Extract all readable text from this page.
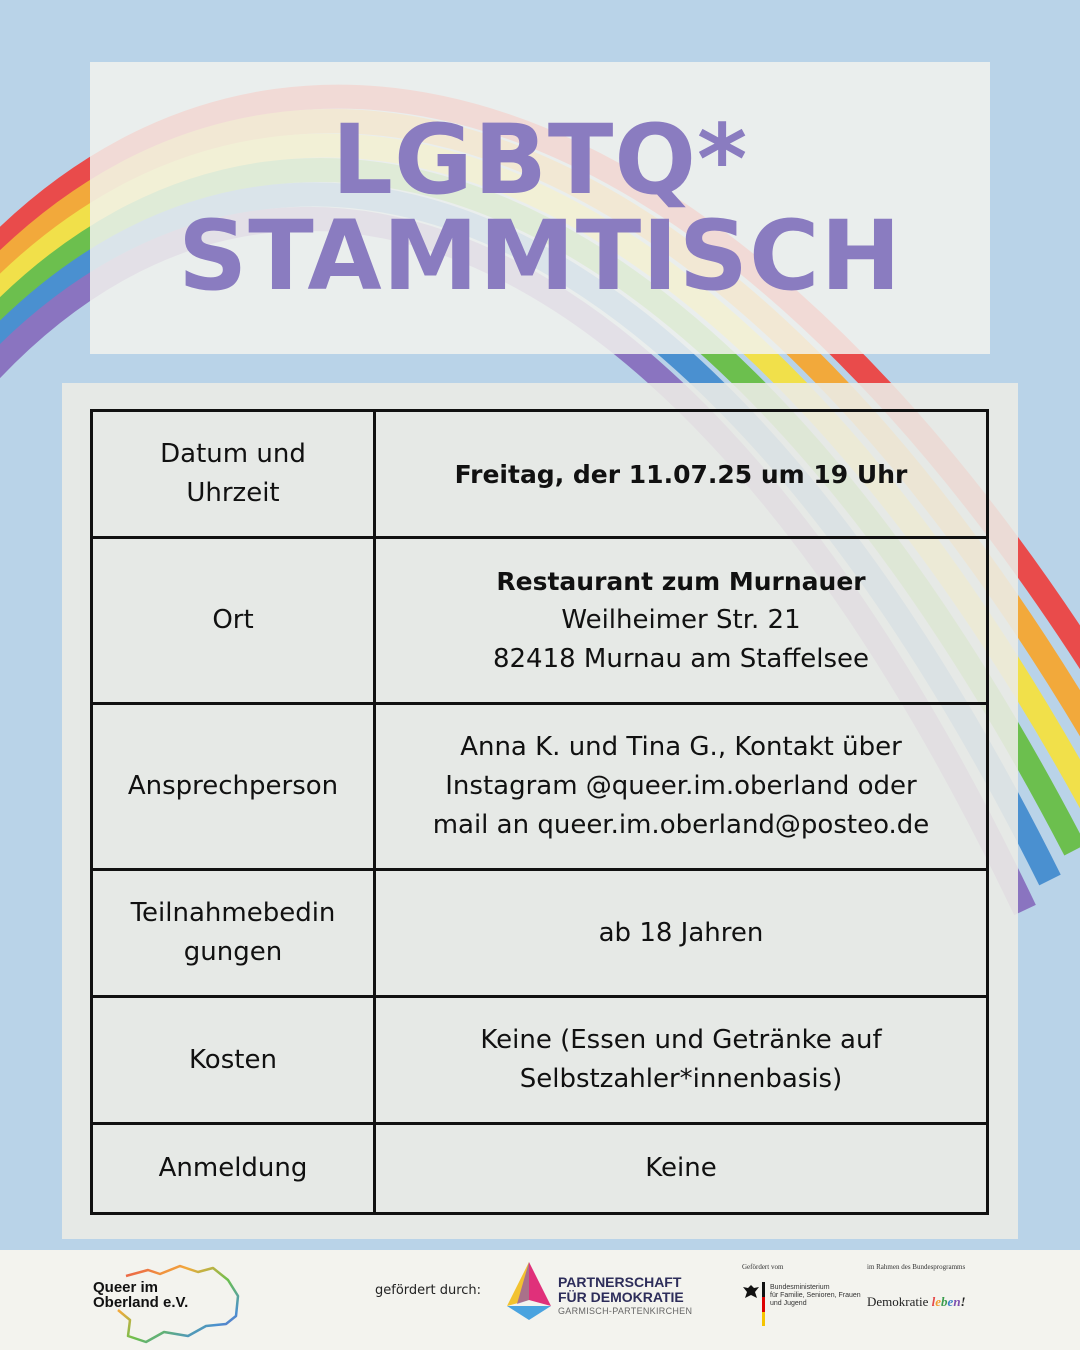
LGBTQ*
STAMMTISCH
Datum und Uhrzeit	Freitag, der 11.07.25 um 19 Uhr

Ort	Restaurant zum Murnauer
Weilheimer Str. 21
82418 Murnau am Staffelsee

Ansprechperson	Anna K. und Tina G., Kontakt über
Instagram @queer.im.oberland oder
mail an queer.im.oberland@posteo.de

Teilnahmebedin
gungen	ab 18 Jahren
Kosten	Keine (Essen und Getränke auf
Selbstzahler*innenbasis)

Anmeldung	Keine
Queer im
Oberland e.V.
gefördert durch:
PARTNERSCHAFT
FÜR DEMOKRATIE
GARMISCH-PARTENKIRCHEN
Gefördert vom
Bundesministerium
für Familie, Senioren, Frauen
und Jugend
im Rahmen des Bundesprogramms
Demokratie leben!
